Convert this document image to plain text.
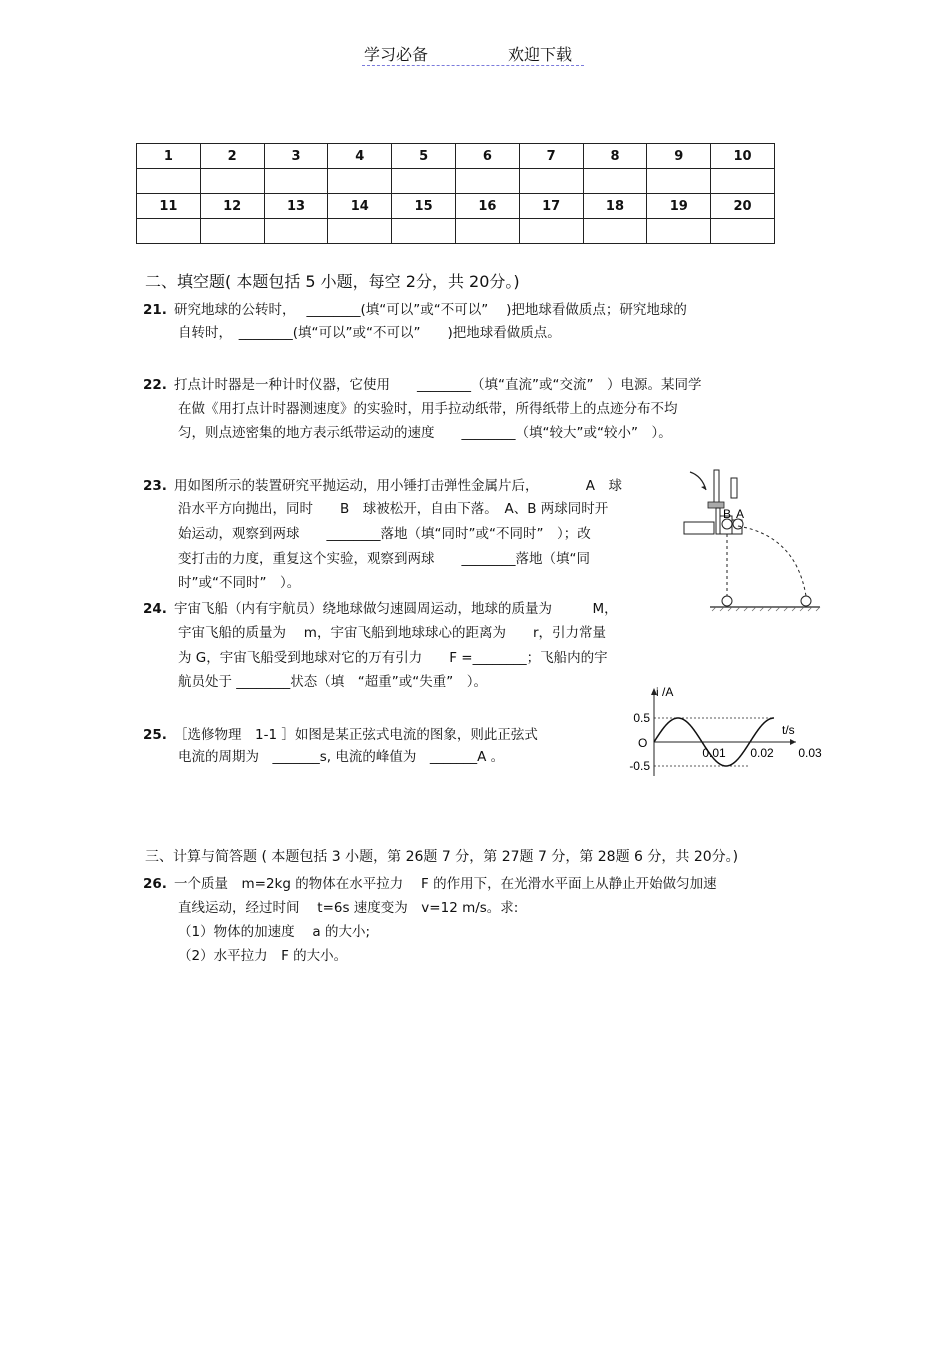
学习必备	欢迎下载

1	2	3	4	5	6	7	8	9	10

11	12	13	14	15	16	17	18	19	20

二、填空题( 本题包括 5 小题，每空 2分，共 20分。)
21. 研究地球的公转时，　 ________(填“可以”或“不可以”　 )把地球看做质点；研究地球的
自转时，　________(填“可以”或“不可以”　　)把地球看做质点。
22. 打点计时器是一种计时仪器，它使用　　________（填“直流”或“交流”　）电源。某同学
在做《用打点计时器测速度》的实验时，用手拉动纸带，所得纸带上的点迹分布不均
匀，则点迹密集的地方表示纸带运动的速度　　________（填“较大”或“较小”　）。
23. 用如图所示的装置研究平抛运动，用小锤打击弹性金属片后，　　　　A　球
沿水平方向抛出，同时　　B　球被松开，自由下落。　A、B 两球同时开
始运动，观察到两球　　________落地（填“同时”或“不同时”　）；改
变打击的力度，重复这个实验，观察到两球　　________落地（填“同
时”或“不同时”　）。
B A
24. 宇宙飞船（内有宇航员）绕地球做匀速圆周运动，地球的质量为　　　M，
宇宙飞船的质量为　 m，宇宙飞船到地球球心的距离为　　r，引力常量
为 G，宇宙飞船受到地球对它的万有引力　　F =________；飞船内的宇
航员处于 ________状态（填　“超重”或“失重”　）。
25. ［选修物理　1-1 ］如图是某正弦式电流的图象，则此正弦式
电流的周期为　_______s, 电流的峰值为　_______A 。
i /A
t/s
O
0.5
-0.5
0.01 0.02 0.03
三、计算与简答题 ( 本题包括 3 小题，第 26题 7 分，第 27题 7 分，第 28题 6 分，共 20分。)
26. 一个质量　m=2kg 的物体在水平拉力　 F 的作用下，在光滑水平面上从静止开始做匀加速
直线运动，经过时间　 t=6s 速度变为　v=12 m/s。求:
（1）物体的加速度　 a 的大小;
（2）水平拉力　F 的大小。
